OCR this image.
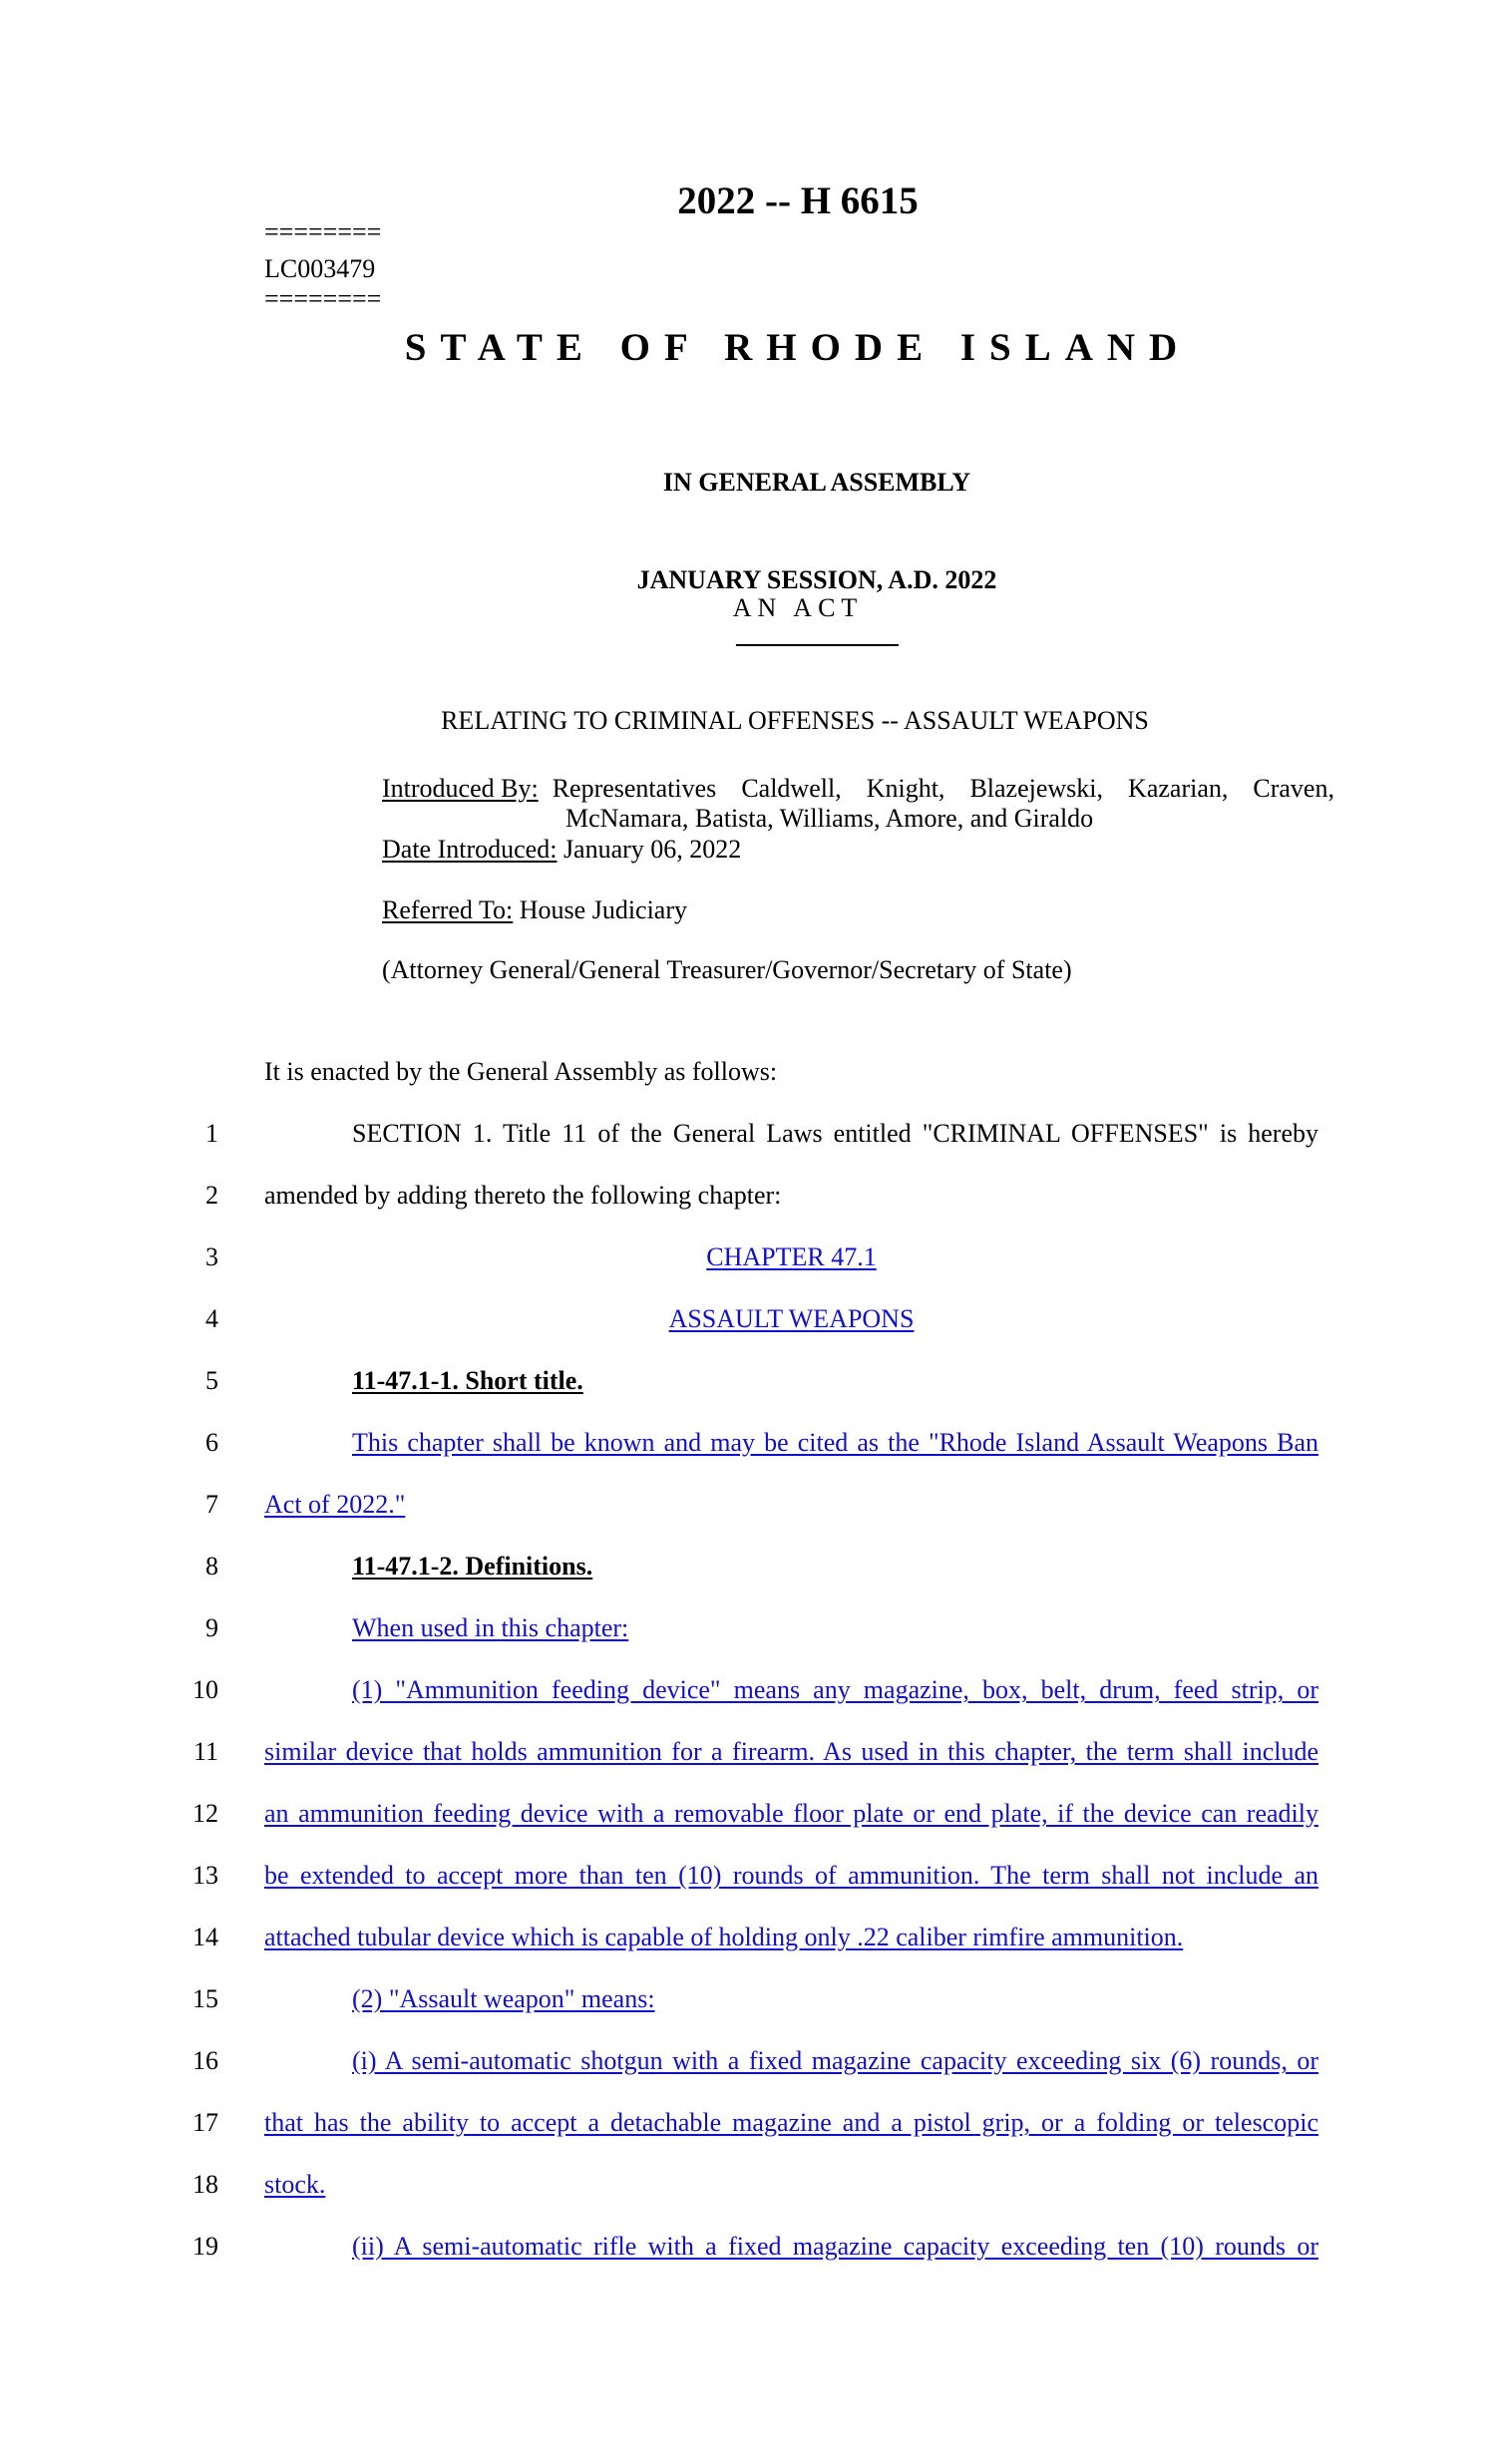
2022 -- H 6615
========
LC003479
========
STATE OF RHODE ISLAND
IN GENERAL ASSEMBLY
JANUARY SESSION, A.D. 2022
AN ACT
RELATING TO CRIMINAL OFFENSES -- ASSAULT WEAPONS
Introduced By: Representatives Caldwell, Knight, Blazejewski, Kazarian, Craven,
McNamara, Batista, Williams, Amore, and Giraldo
Date Introduced: January 06, 2022
Referred To: House Judiciary
(Attorney General/General Treasurer/Governor/Secretary of State)
It is enacted by the General Assembly as follows:
1	SECTION 1. Title 11 of the General Laws entitled "CRIMINAL OFFENSES" is hereby
2 amended by adding thereto the following chapter:
3	CHAPTER 47.1
4	ASSAULT WEAPONS
5	11-47.1-1. Short title.
6	This chapter shall be known and may be cited as the "Rhode Island Assault Weapons Ban
7 Act of 2022."
8	11-47.1-2. Definitions.
9	When used in this chapter:
10	(1) "Ammunition feeding device" means any magazine, box, belt, drum, feed strip, or
11 similar device that holds ammunition for a firearm. As used in this chapter, the term shall include
12 an ammunition feeding device with a removable floor plate or end plate, if the device can readily
13 be extended to accept more than ten (10) rounds of ammunition. The term shall not include an
14 attached tubular device which is capable of holding only .22 caliber rimfire ammunition.
15	(2) "Assault weapon" means:
16	(i) A semi-automatic shotgun with a fixed magazine capacity exceeding six (6) rounds, or
17 that has the ability to accept a detachable magazine and a pistol grip, or a folding or telescopic
18 stock.
19	(ii) A semi-automatic rifle with a fixed magazine capacity exceeding ten (10) rounds or
